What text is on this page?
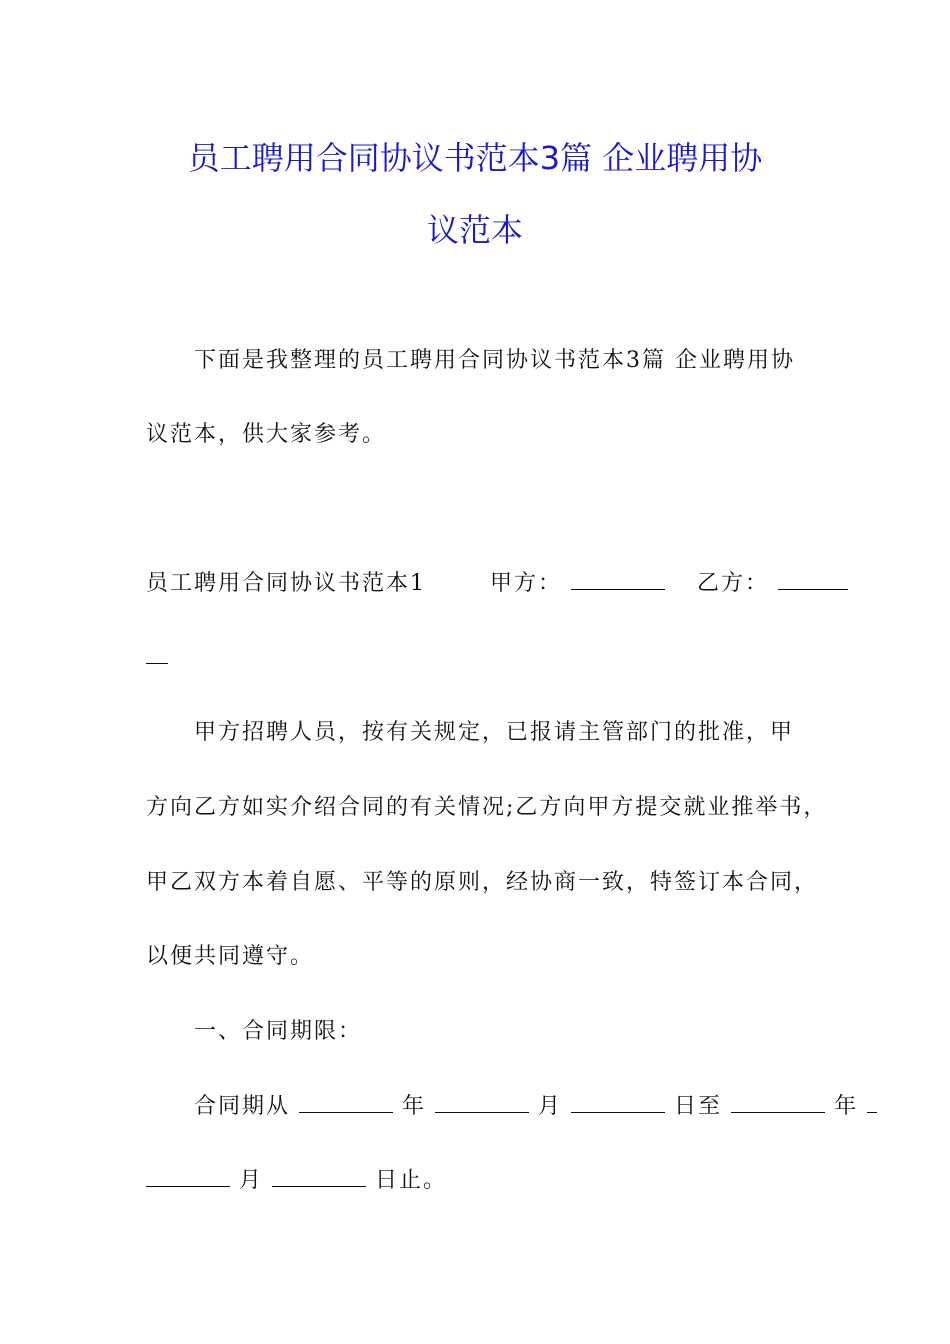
员工聘用合同协议书范本3篇 企业聘用协
议范本
下面是我整理的员工聘用合同协议书范本3篇 企业聘用协
议范本，供大家参考。
员工聘用合同协议书范本1	甲方：	乙方：
甲方招聘人员，按有关规定，已报请主管部门的批准，甲
方向乙方如实介绍合同的有关情况;乙方向甲方提交就业推举书，
甲乙双方本着自愿、平等的原则，经协商一致，特签订本合同，
以便共同遵守。
一、合同期限：
合同期从	年	月	日至	年
月	日止。
